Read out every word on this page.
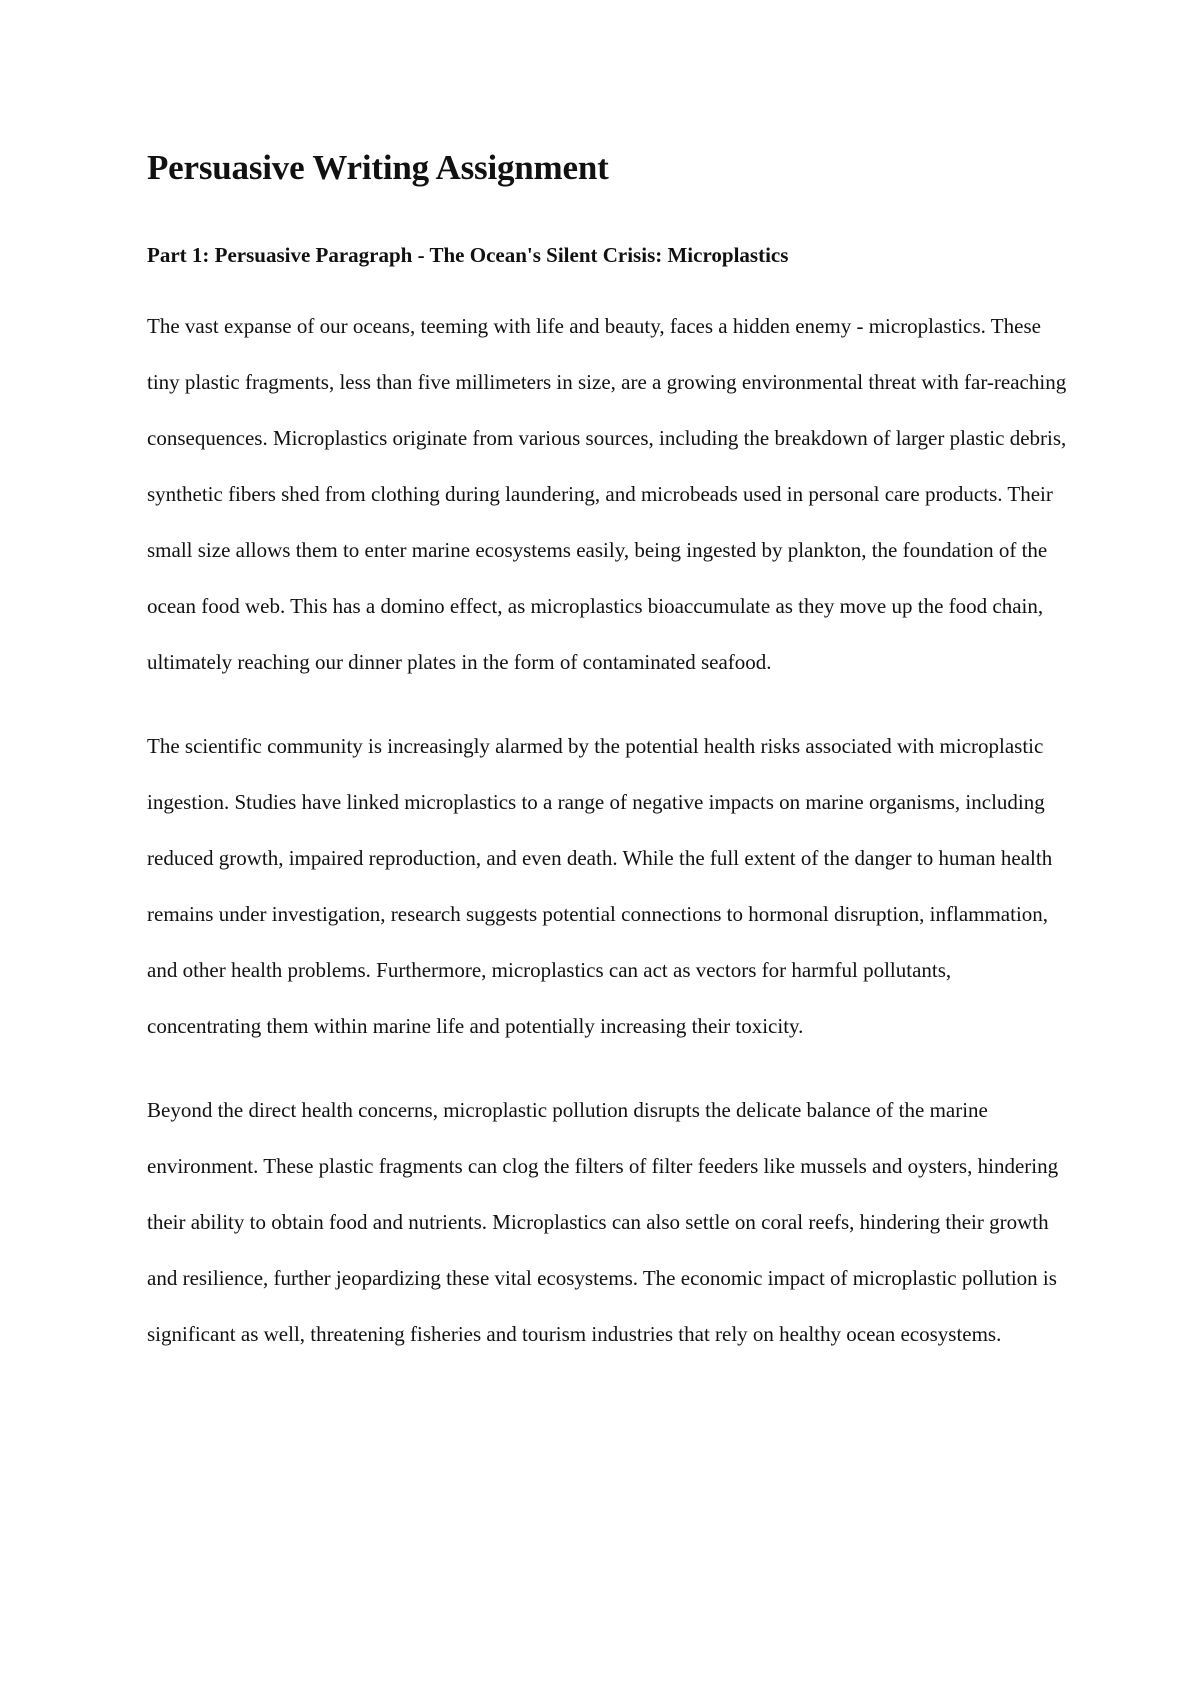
Persuasive Writing Assignment
Part 1: Persuasive Paragraph - The Ocean's Silent Crisis: Microplastics

The vast expanse of our oceans, teeming with life and beauty, faces a hidden enemy - microplastics. These tiny plastic fragments, less than five millimeters in size, are a growing environmental threat with far-reaching consequences. Microplastics originate from various sources, including the breakdown of larger plastic debris, synthetic fibers shed from clothing during laundering, and microbeads used in personal care products. Their small size allows them to enter marine ecosystems easily, being ingested by plankton, the foundation of the ocean food web. This has a domino effect, as microplastics bioaccumulate as they move up the food chain, ultimately reaching our dinner plates in the form of contaminated seafood.

The scientific community is increasingly alarmed by the potential health risks associated with microplastic ingestion. Studies have linked microplastics to a range of negative impacts on marine organisms, including reduced growth, impaired reproduction, and even death. While the full extent of the danger to human health remains under investigation, research suggests potential connections to hormonal disruption, inflammation, and other health problems. Furthermore, microplastics can act as vectors for harmful pollutants, concentrating them within marine life and potentially increasing their toxicity.

Beyond the direct health concerns, microplastic pollution disrupts the delicate balance of the marine environment. These plastic fragments can clog the filters of filter feeders like mussels and oysters, hindering their ability to obtain food and nutrients. Microplastics can also settle on coral reefs, hindering their growth and resilience, further jeopardizing these vital ecosystems. The economic impact of microplastic pollution is significant as well, threatening fisheries and tourism industries that rely on healthy ocean ecosystems.
